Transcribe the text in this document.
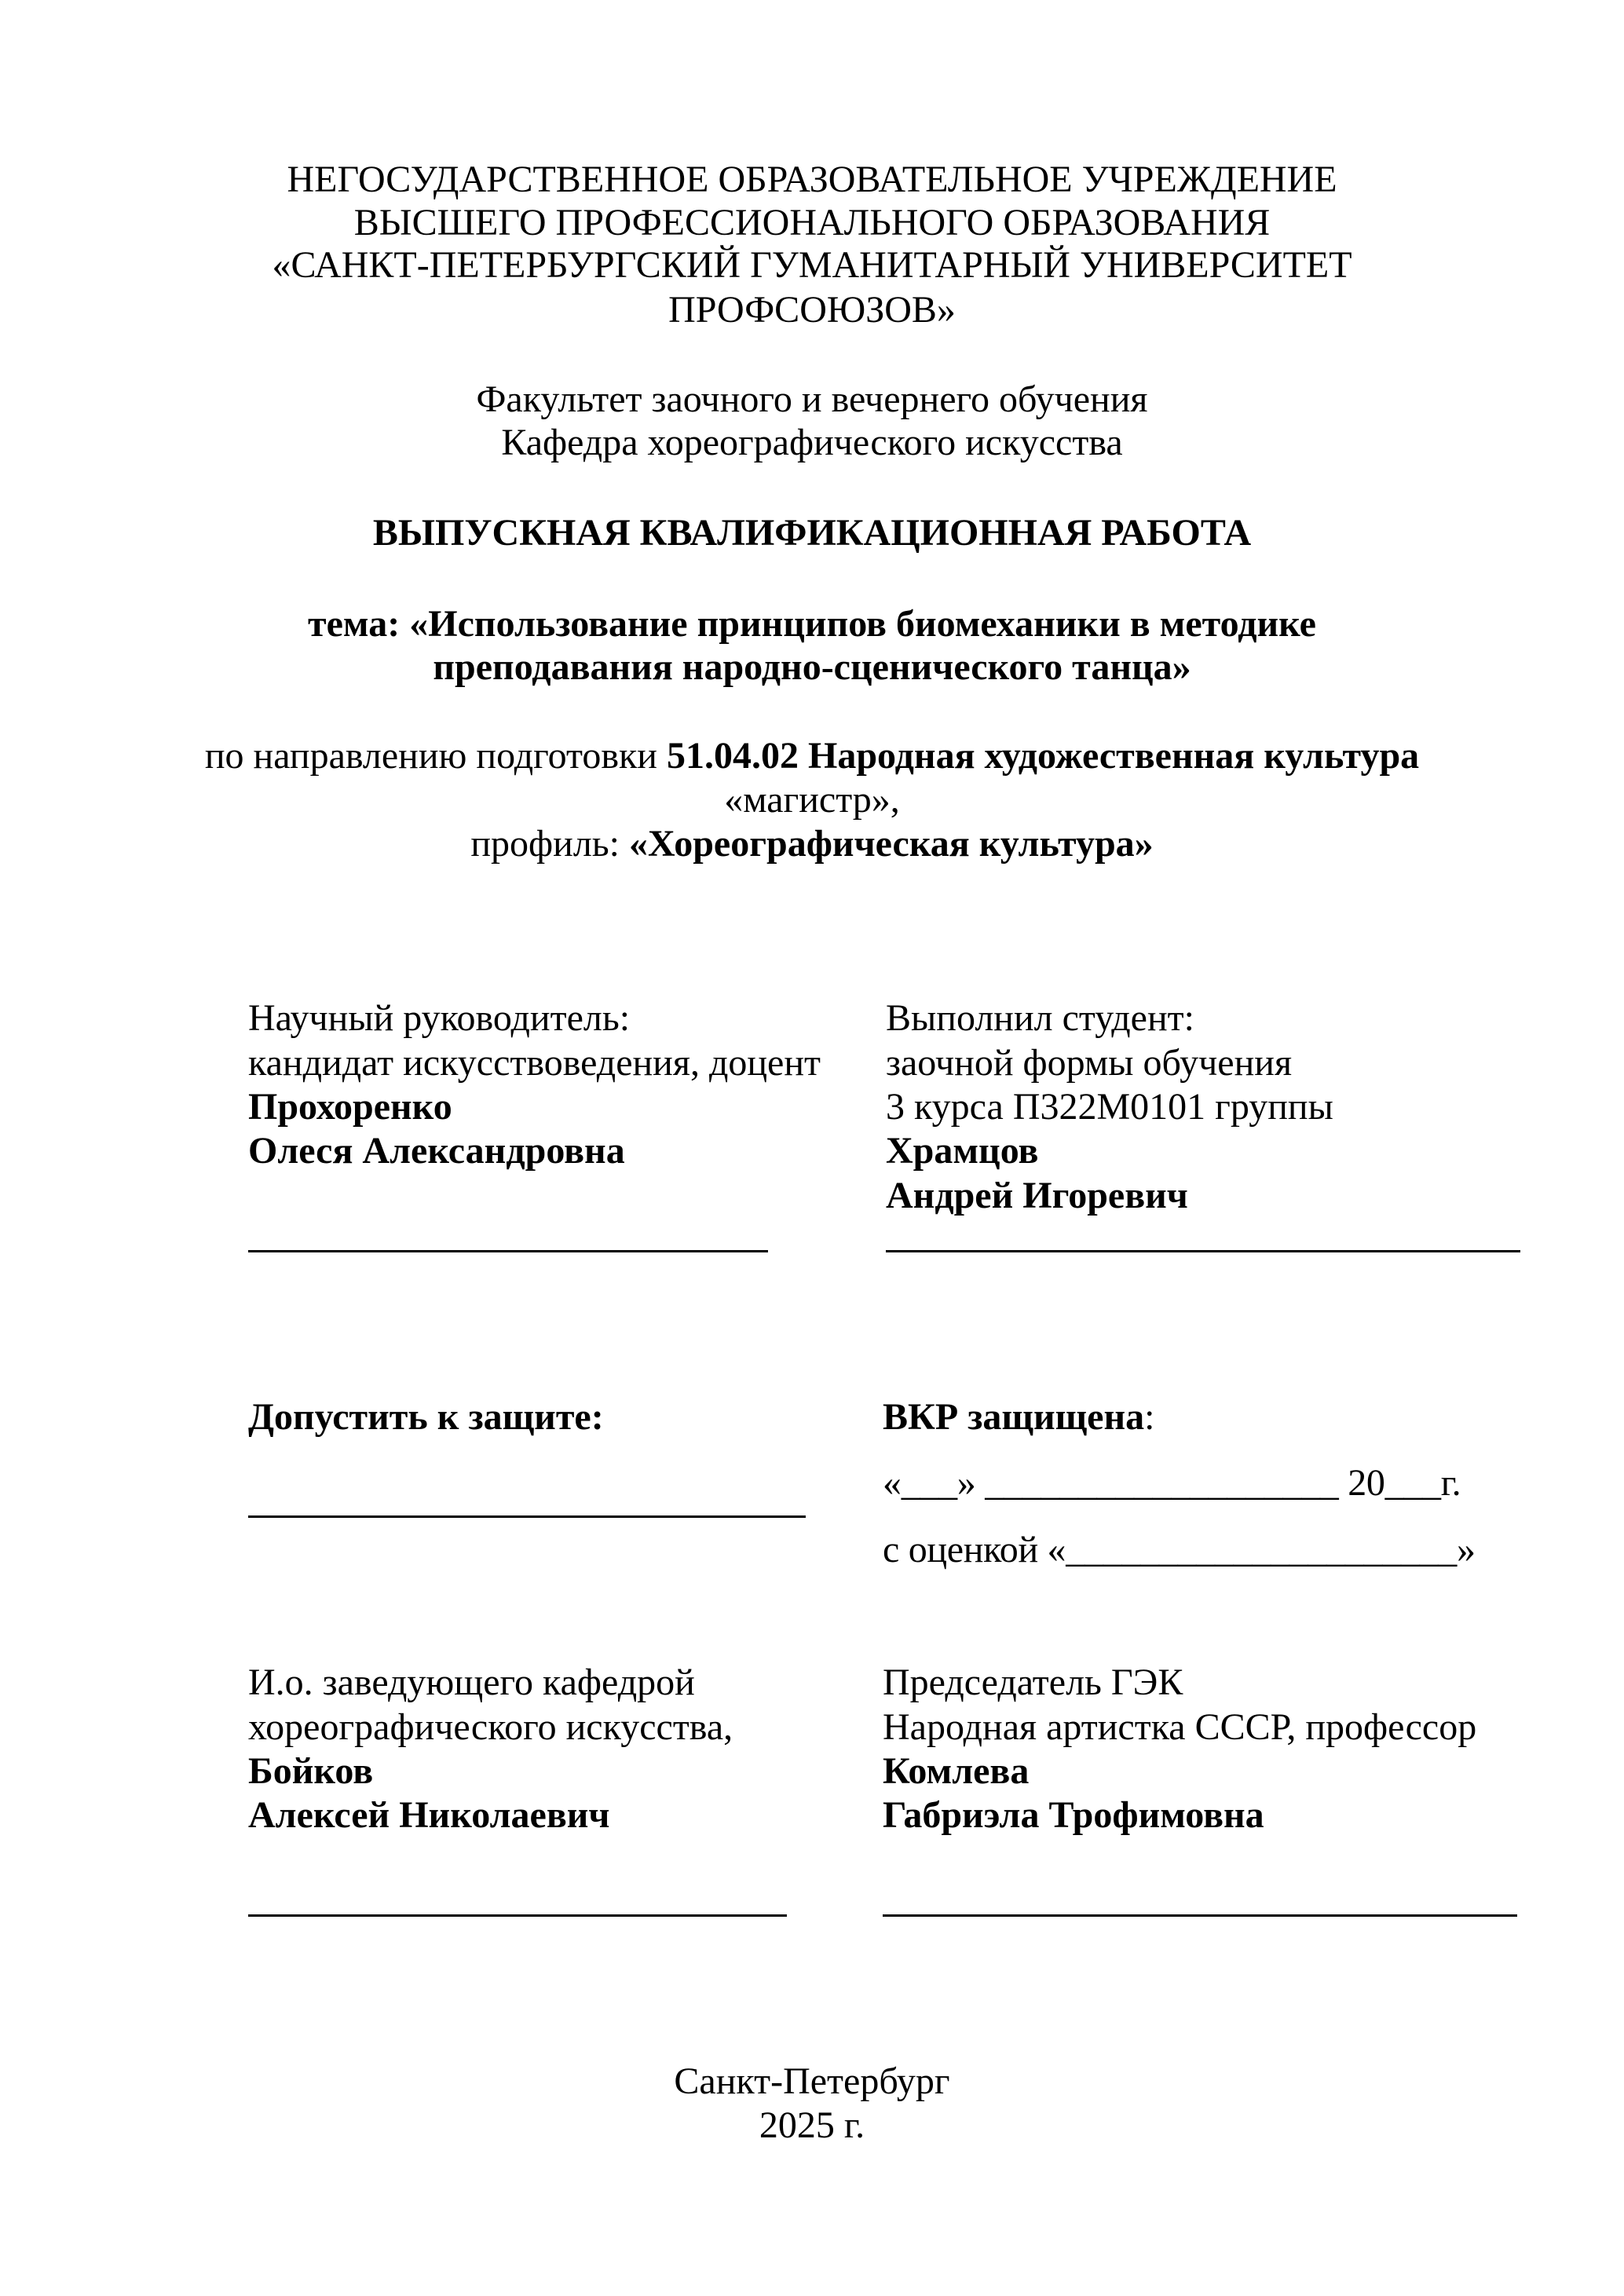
НЕГОСУДАРСТВЕННОЕ ОБРАЗОВАТЕЛЬНОЕ УЧРЕЖДЕНИЕ
ВЫСШЕГО ПРОФЕССИОНАЛЬНОГО ОБРАЗОВАНИЯ
«САНКТ-ПЕТЕРБУРГСКИЙ ГУМАНИТАРНЫЙ УНИВЕРСИТЕТ
ПРОФСОЮЗОВ»
Факультет заочного и вечернего обучения
Кафедра хореографического искусства
ВЫПУСКНАЯ КВАЛИФИКАЦИОННАЯ РАБОТА
тема: «Использование принципов биомеханики в методике
преподавания народно-сценического танца»
по направлению подготовки 51.04.02 Народная художественная культура
«магистр»,
профиль: «Хореографическая культура»
Научный руководитель:
кандидат искусствоведения, доцент
Прохоренко
Олеся Александровна
Выполнил студент:
заочной формы обучения
3 курса П322М0101 группы
Храмцов
Андрей Игоревич
Допустить к защите:	ВКР защищена:
«___» ___________________ 20___г.
с оценкой «_____________________»
И.о. заведующего кафедрой
хореографического искусства,
Бойков
Алексей Николаевич
Председатель ГЭК
Народная артистка СССР, профессор
Комлева
Габриэла Трофимовна
Санкт-Петербург
2025 г.
